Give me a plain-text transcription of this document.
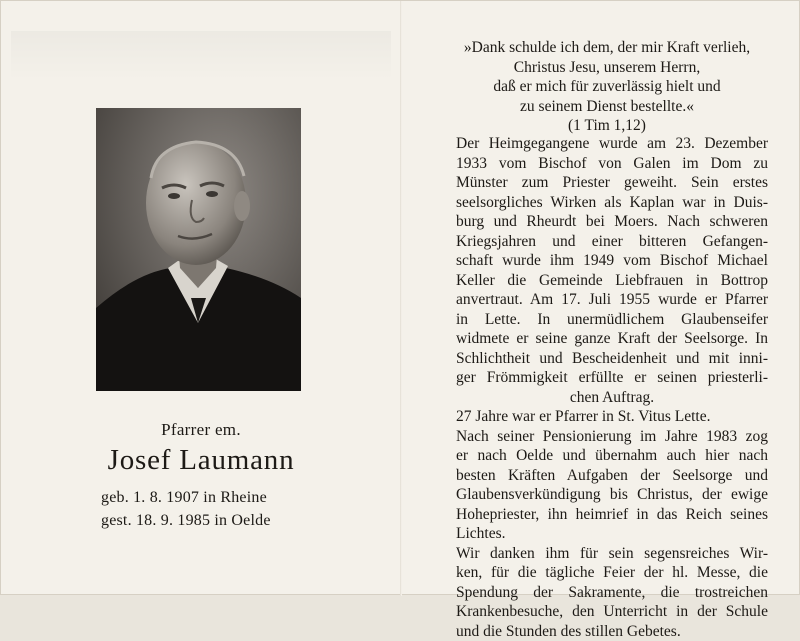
Pfarrer em.
Josef Laumann
geb. 1. 8. 1907 in Rheine
gest. 18. 9. 1985 in Oelde
»Dank schulde ich dem, der mir Kraft verlieh,
Christus Jesu, unserem Herrn,
daß er mich für zuverlässig hielt und
zu seinem Dienst bestellte.«
(1 Tim 1,12)
Der Heimgegangene wurde am 23. Dezember
1933 vom Bischof von Galen im Dom zu
Münster zum Priester geweiht. Sein erstes
seelsorgliches Wirken als Kaplan war in Duis-
burg und Rheurdt bei Moers. Nach schweren
Kriegsjahren und einer bitteren Gefangen-
schaft wurde ihm 1949 vom Bischof Michael
Keller die Gemeinde Liebfrauen in Bottrop
anvertraut. Am 17. Juli 1955 wurde er Pfarrer
in Lette. In unermüdlichem Glaubenseifer
widmete er seine ganze Kraft der Seelsorge. In
Schlichtheit und Bescheidenheit und mit inni-
ger Frömmigkeit erfüllte er seinen priesterli-
chen Auftrag.
27 Jahre war er Pfarrer in St. Vitus Lette.
Nach seiner Pensionierung im Jahre 1983 zog
er nach Oelde und übernahm auch hier nach
besten Kräften Aufgaben der Seelsorge und
Glaubensverkündigung bis Christus, der ewige
Hohepriester, ihn heimrief in das Reich seines
Lichtes.
Wir danken ihm für sein segensreiches Wir-
ken, für die tägliche Feier der hl. Messe, die
Spendung der Sakramente, die trostreichen
Krankenbesuche, den Unterricht in der Schule
und die Stunden des stillen Gebetes.
